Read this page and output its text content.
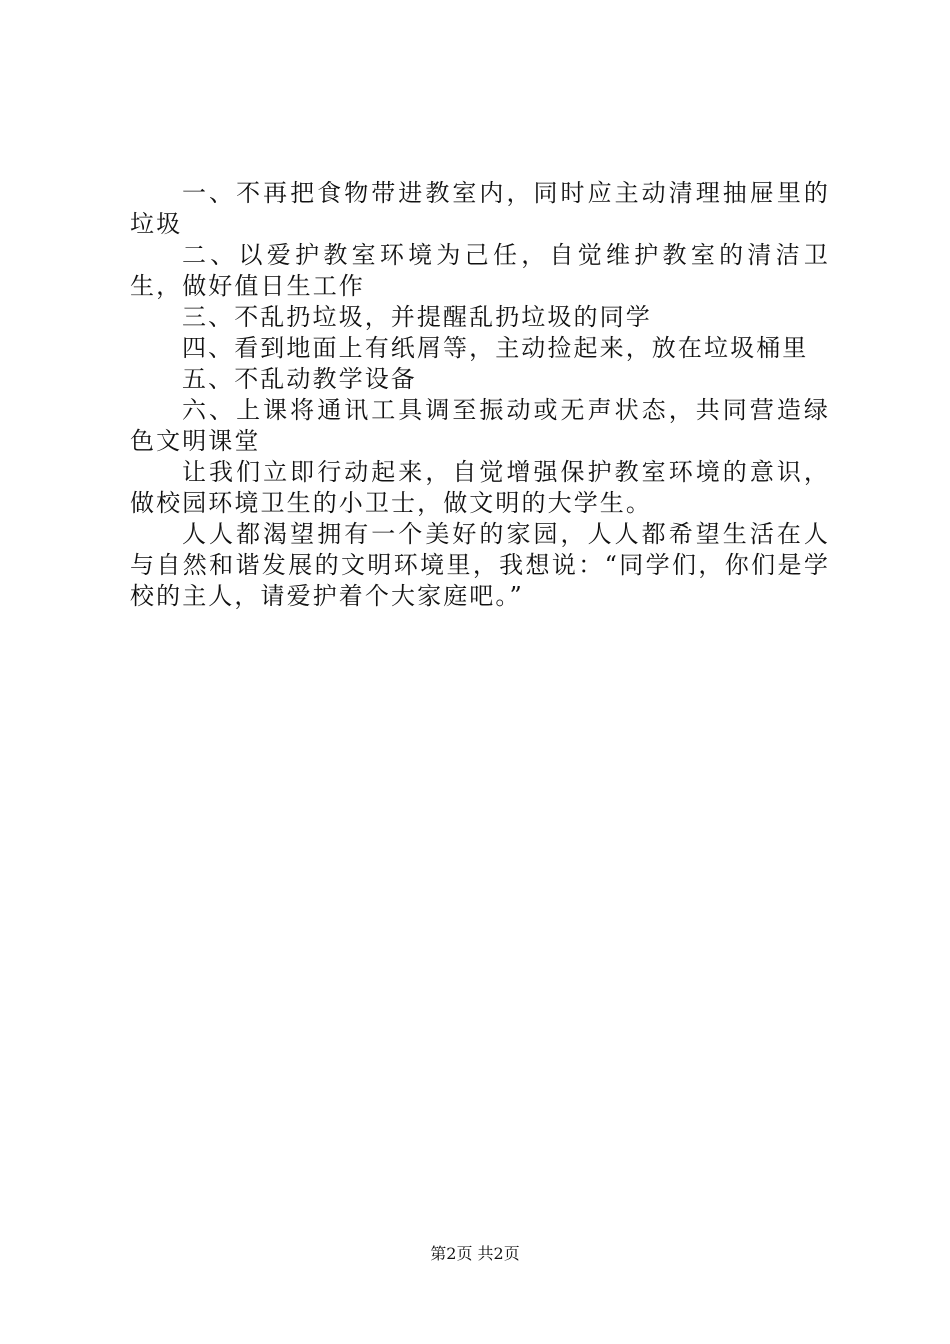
一、不再把食物带进教室内，同时应主动清理抽屉里的垃圾

二、以爱护教室环境为己任，自觉维护教室的清洁卫生，做好值日生工作

三、不乱扔垃圾，并提醒乱扔垃圾的同学

四、看到地面上有纸屑等，主动捡起来，放在垃圾桶里

五、不乱动教学设备

六、上课将通讯工具调至振动或无声状态，共同营造绿色文明课堂

让我们立即行动起来，自觉增强保护教室环境的意识，做校园环境卫生的小卫士，做文明的大学生。

人人都渴望拥有一个美好的家园，人人都希望生活在人与自然和谐发展的文明环境里，我想说：“同学们，你们是学校的主人，请爱护着个大家庭吧。”

第2页 共2页
